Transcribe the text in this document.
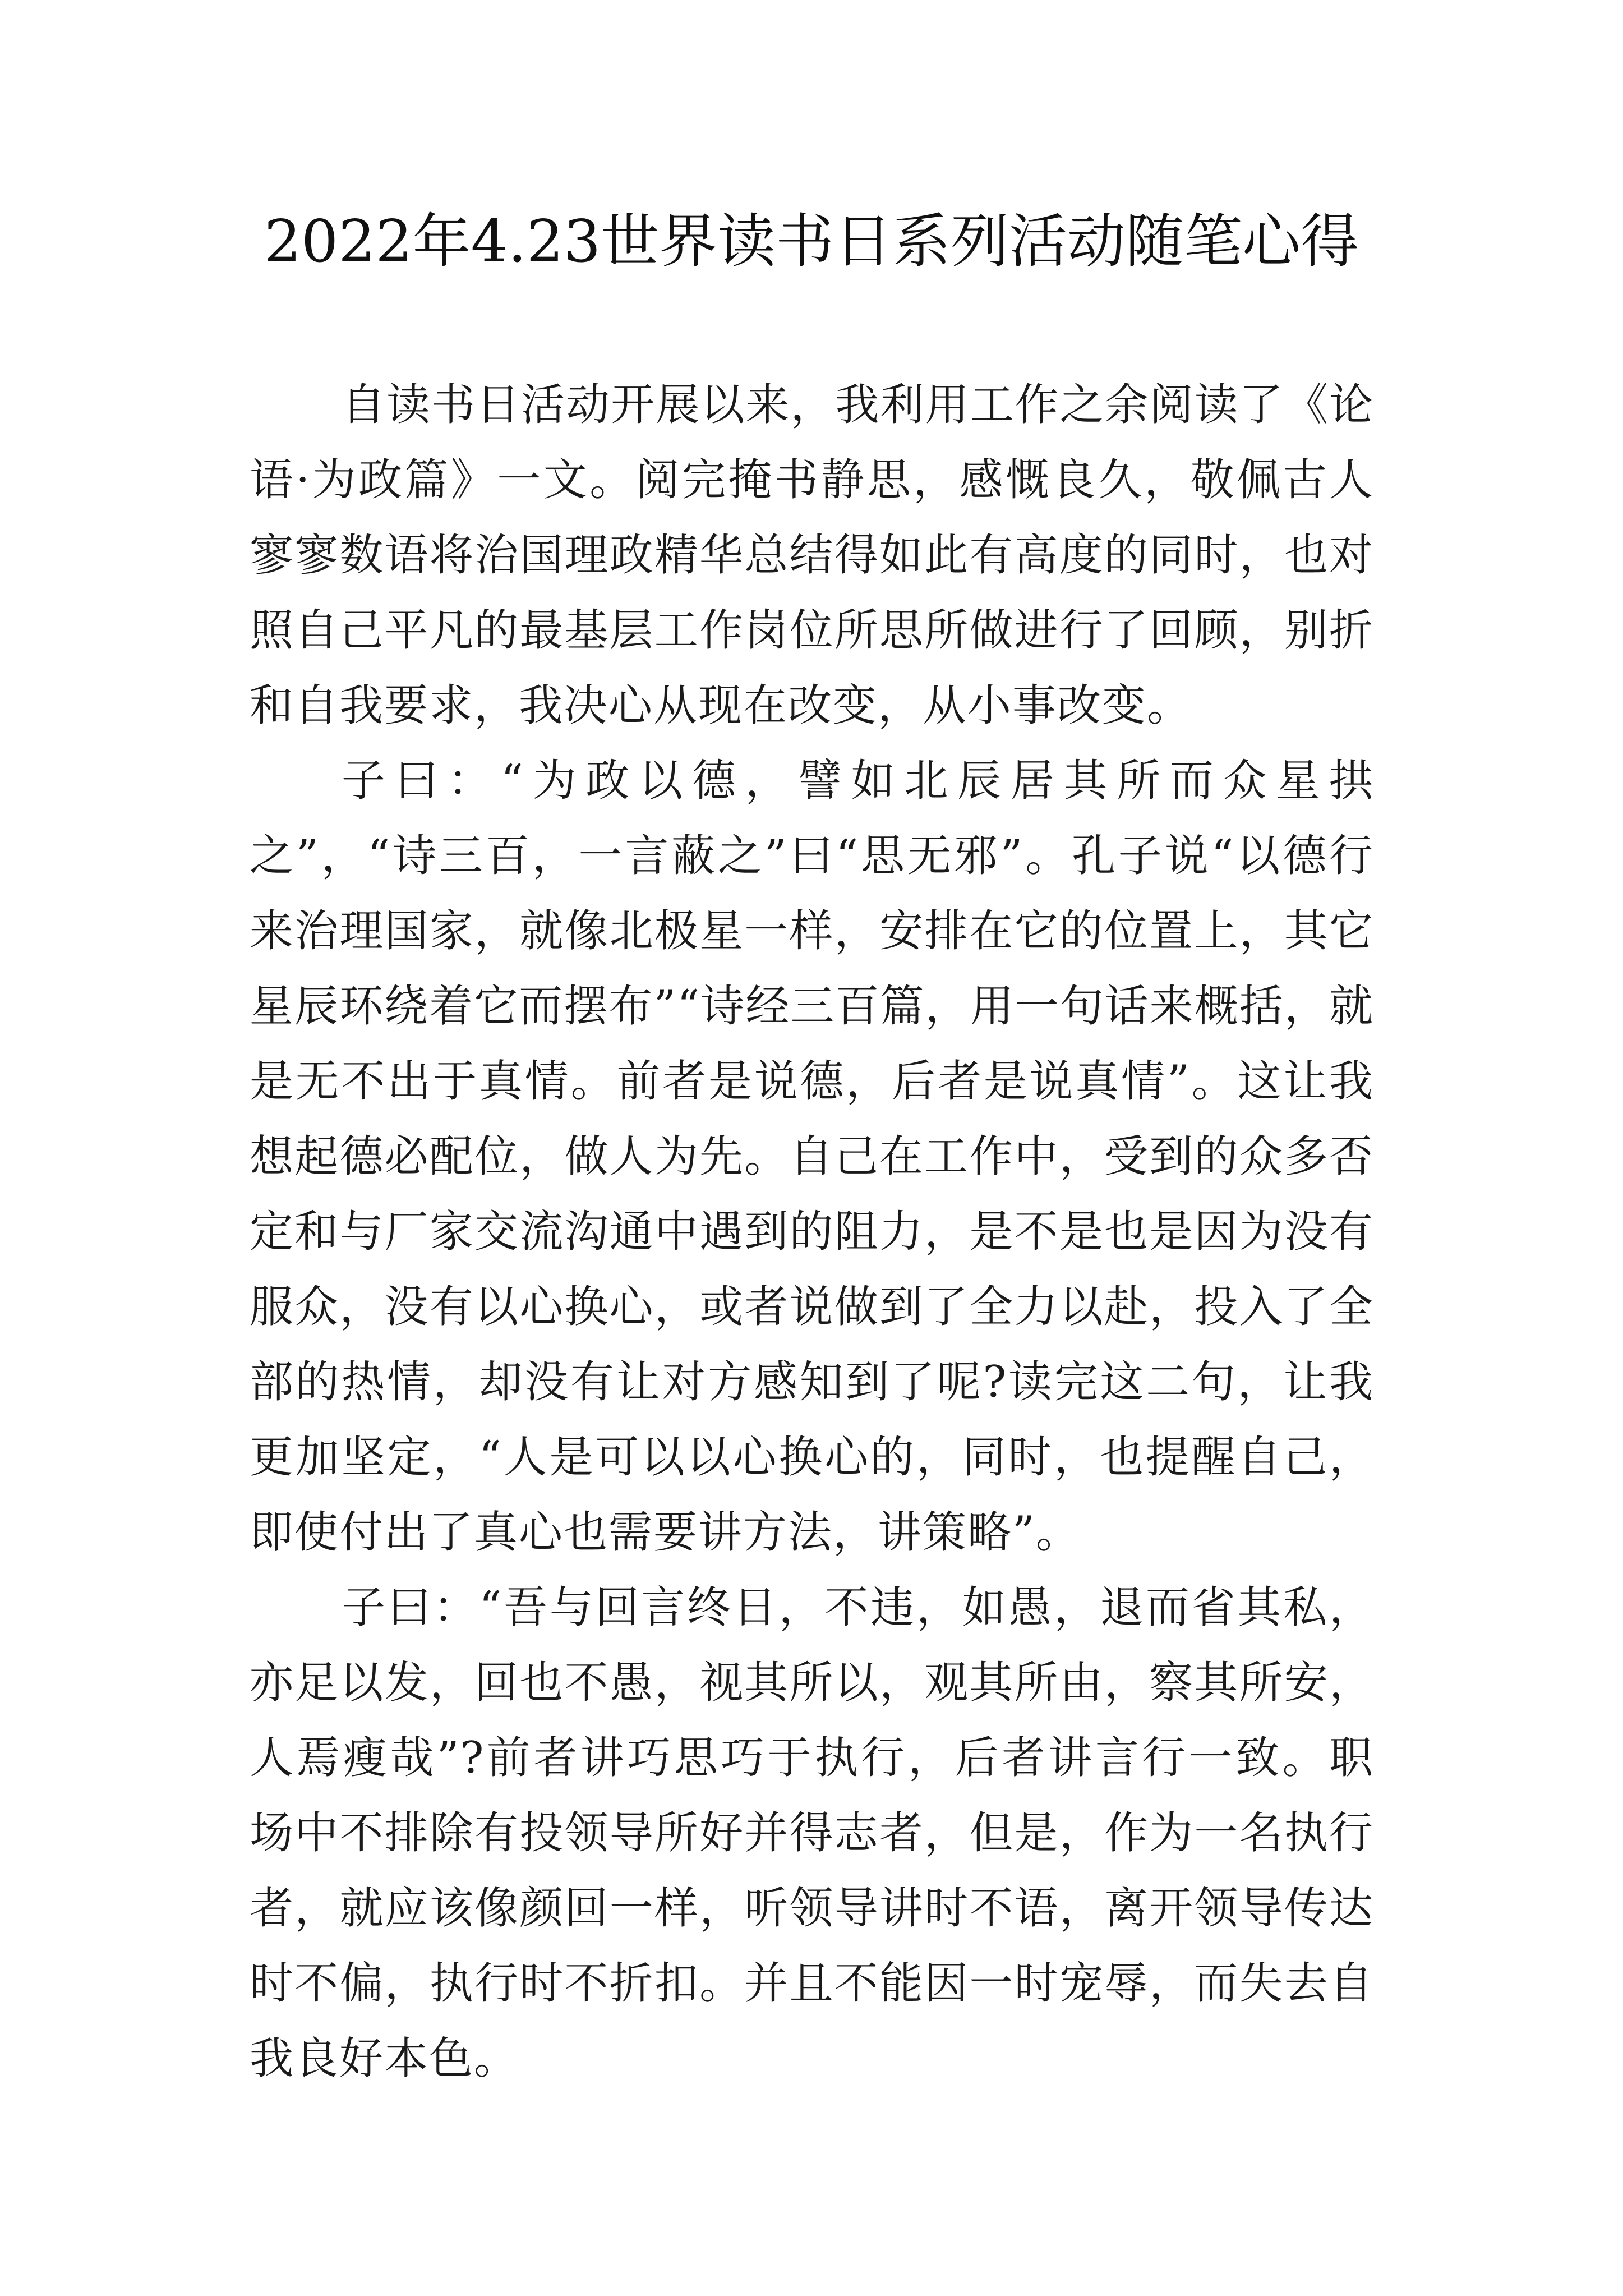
2022年4.23世界读书日系列活动随笔心得

自读书日活动开展以来，我利用工作之余阅读了《论语·为政篇》一文。阅完掩书静思，感慨良久，敬佩古人寥寥数语将治国理政精华总结得如此有高度的同时，也对照自己平凡的最基层工作岗位所思所做进行了回顾，别折和自我要求，我决心从现在改变，从小事改变。

子曰：“为政以德，譬如北辰居其所而众星拱之”，“诗三百，一言蔽之”曰“思无邪”。孔子说“以德行来治理国家，就像北极星一样，安排在它的位置上，其它星辰环绕着它而摆布”“诗经三百篇，用一句话来概括，就是无不出于真情。前者是说德，后者是说真情”。这让我想起德必配位，做人为先。自己在工作中，受到的众多否定和与厂家交流沟通中遇到的阻力，是不是也是因为没有服众，没有以心换心，或者说做到了全力以赴，投入了全部的热情，却没有让对方感知到了呢?读完这二句，让我更加坚定，“人是可以以心换心的，同时，也提醒自己，即使付出了真心也需要讲方法，讲策略”。

子曰：“吾与回言终日，不违，如愚，退而省其私，亦足以发，回也不愚，视其所以，观其所由，察其所安，人焉瘦哉”?前者讲巧思巧于执行，后者讲言行一致。职场中不排除有投领导所好并得志者，但是，作为一名执行者，就应该像颜回一样，听领导讲时不语，离开领导传达时不偏，执行时不折扣。并且不能因一时宠辱，而失去自我良好本色。
